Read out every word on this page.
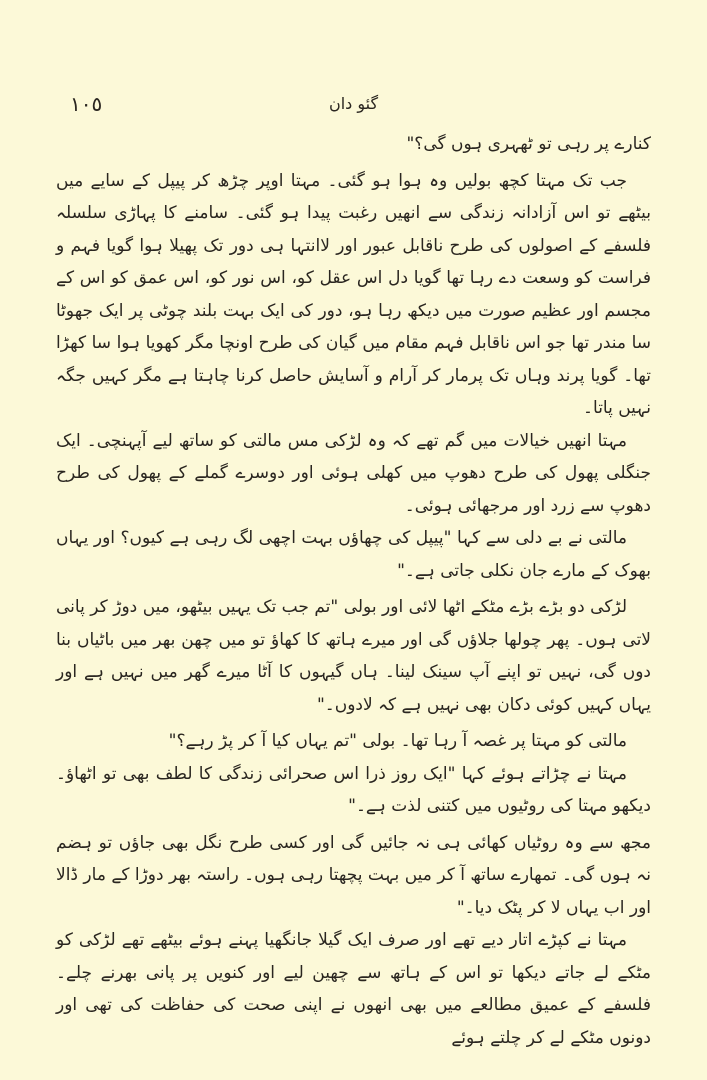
١٠٥	گئو دان

کنارے پر رہی تو ٹھہری ہوں گی؟"

جب تک مہتا کچھ بولیں وہ ہوا ہو گئی۔ مہتا اوپر چڑھ کر پیپل کے سایے میں بیٹھے تو اس آزادانہ زندگی سے انھیں رغبت پیدا ہو گئی۔ سامنے کا پہاڑی سلسلہ فلسفے کے اصولوں کی طرح ناقابل عبور اور لاانتہا ہی دور تک پھیلا ہوا گویا فہم و فراست کو وسعت دے رہا تھا گویا دل اس عقل کو، اس نور کو، اس عمق کو اس کے مجسم اور عظیم صورت میں دیکھ رہا ہو، دور کی ایک بہت بلند چوٹی پر ایک جھوٹا سا مندر تھا جو اس ناقابل فہم مقام میں گیان کی طرح اونچا مگر کھویا ہوا سا کھڑا تھا۔ گویا پرند وہاں تک پرمار کر آرام و آسایش حاصل کرنا چاہتا ہے مگر کہیں جگہ نہیں پاتا۔

مہتا انھیں خیالات میں گم تھے کہ وہ لڑکی مس مالتی کو ساتھ لیے آپہنچی۔ ایک جنگلی پھول کی طرح دھوپ میں کھلی ہوئی اور دوسرے گملے کے پھول کی طرح دھوپ سے زرد اور مرجھائی ہوئی۔

مالتی نے بے دلی سے کہا "پیپل کی چھاؤں بہت اچھی لگ رہی ہے کیوں؟ اور یہاں بھوک کے مارے جان نکلی جاتی ہے۔"

لڑکی دو بڑے بڑے مٹکے اٹھا لائی اور بولی "تم جب تک یہیں بیٹھو، میں دوڑ کر پانی لاتی ہوں۔ پھر چولھا جلاؤں گی اور میرے ہاتھ کا کھاؤ تو میں چھن بھر میں باٹیاں بنا دوں گی، نہیں تو اپنے آپ سینک لینا۔ ہاں گیہوں کا آٹا میرے گھر میں نہیں ہے اور یہاں کہیں کوئی دکان بھی نہیں ہے کہ لادوں۔"

مالتی کو مہتا پر غصہ آ رہا تھا۔ بولی "تم یہاں کیا آ کر پڑ رہے؟"

مہتا نے چڑاتے ہوئے کہا "ایک روز ذرا اس صحرائی زندگی کا لطف بھی تو اٹھاؤ۔ دیکھو مہتا کی روٹیوں میں کتنی لذت ہے۔"

مجھ سے وہ روٹیاں کھائی ہی نہ جائیں گی اور کسی طرح نگل بھی جاؤں تو ہضم نہ ہوں گی۔ تمھارے ساتھ آ کر میں بہت پچھتا رہی ہوں۔ راستہ بھر دوڑا کے مار ڈالا اور اب یہاں لا کر پٹک دیا۔"

مہتا نے کپڑے اتار دیے تھے اور صرف ایک گیلا جانگھیا پہنے ہوئے بیٹھے تھے لڑکی کو مٹکے لے جاتے دیکھا تو اس کے ہاتھ سے چھین لیے اور کنویں پر پانی بھرنے چلے۔ فلسفے کے عمیق مطالعے میں بھی انھوں نے اپنی صحت کی حفاظت کی تھی اور دونوں مٹکے لے کر چلتے ہوئے
